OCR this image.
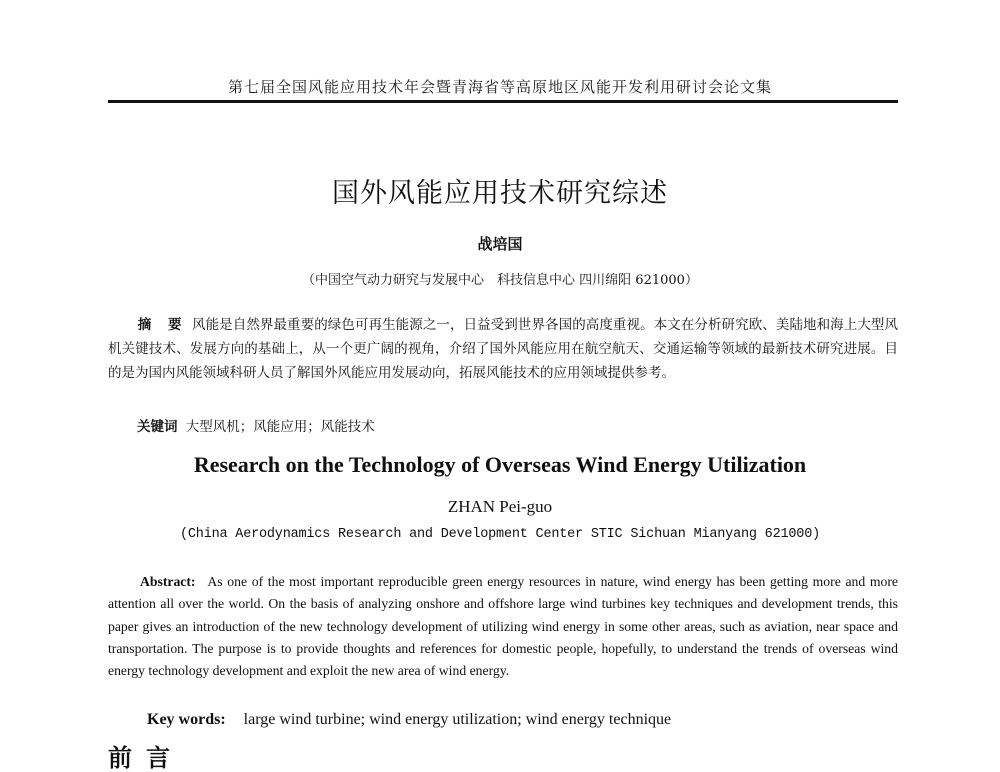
第七届全国风能应用技术年会暨青海省等高原地区风能开发利用研讨会论文集
国外风能应用技术研究综述
战培国
（中国空气动力研究与发展中心　科技信息中心 四川绵阳 621000）
摘 要 风能是自然界最重要的绿色可再生能源之一，日益受到世界各国的高度重视。本文在分析研究欧、美陆地和海上大型风机关键技术、发展方向的基础上，从一个更广阔的视角，介绍了国外风能应用在航空航天、交通运输等领域的最新技术研究进展。目的是为国内风能领域科研人员了解国外风能应用发展动向，拓展风能技术的应用领域提供参考。
关键词 大型风机；风能应用；风能技术
Research on the Technology of Overseas Wind Energy Utilization
ZHAN Pei-guo
(China Aerodynamics Research and Development Center STIC Sichuan Mianyang 621000)
Abstract: As one of the most important reproducible green energy resources in nature, wind energy has been getting more and more attention all over the world. On the basis of analyzing onshore and offshore large wind turbines key techniques and development trends, this paper gives an introduction of the new technology development of utilizing wind energy in some other areas, such as aviation, near space and transportation. The purpose is to provide thoughts and references for domestic people, hopefully, to understand the trends of overseas wind energy technology development and exploit the new area of wind energy.
Key words: large wind turbine; wind energy utilization; wind energy technique
前言
